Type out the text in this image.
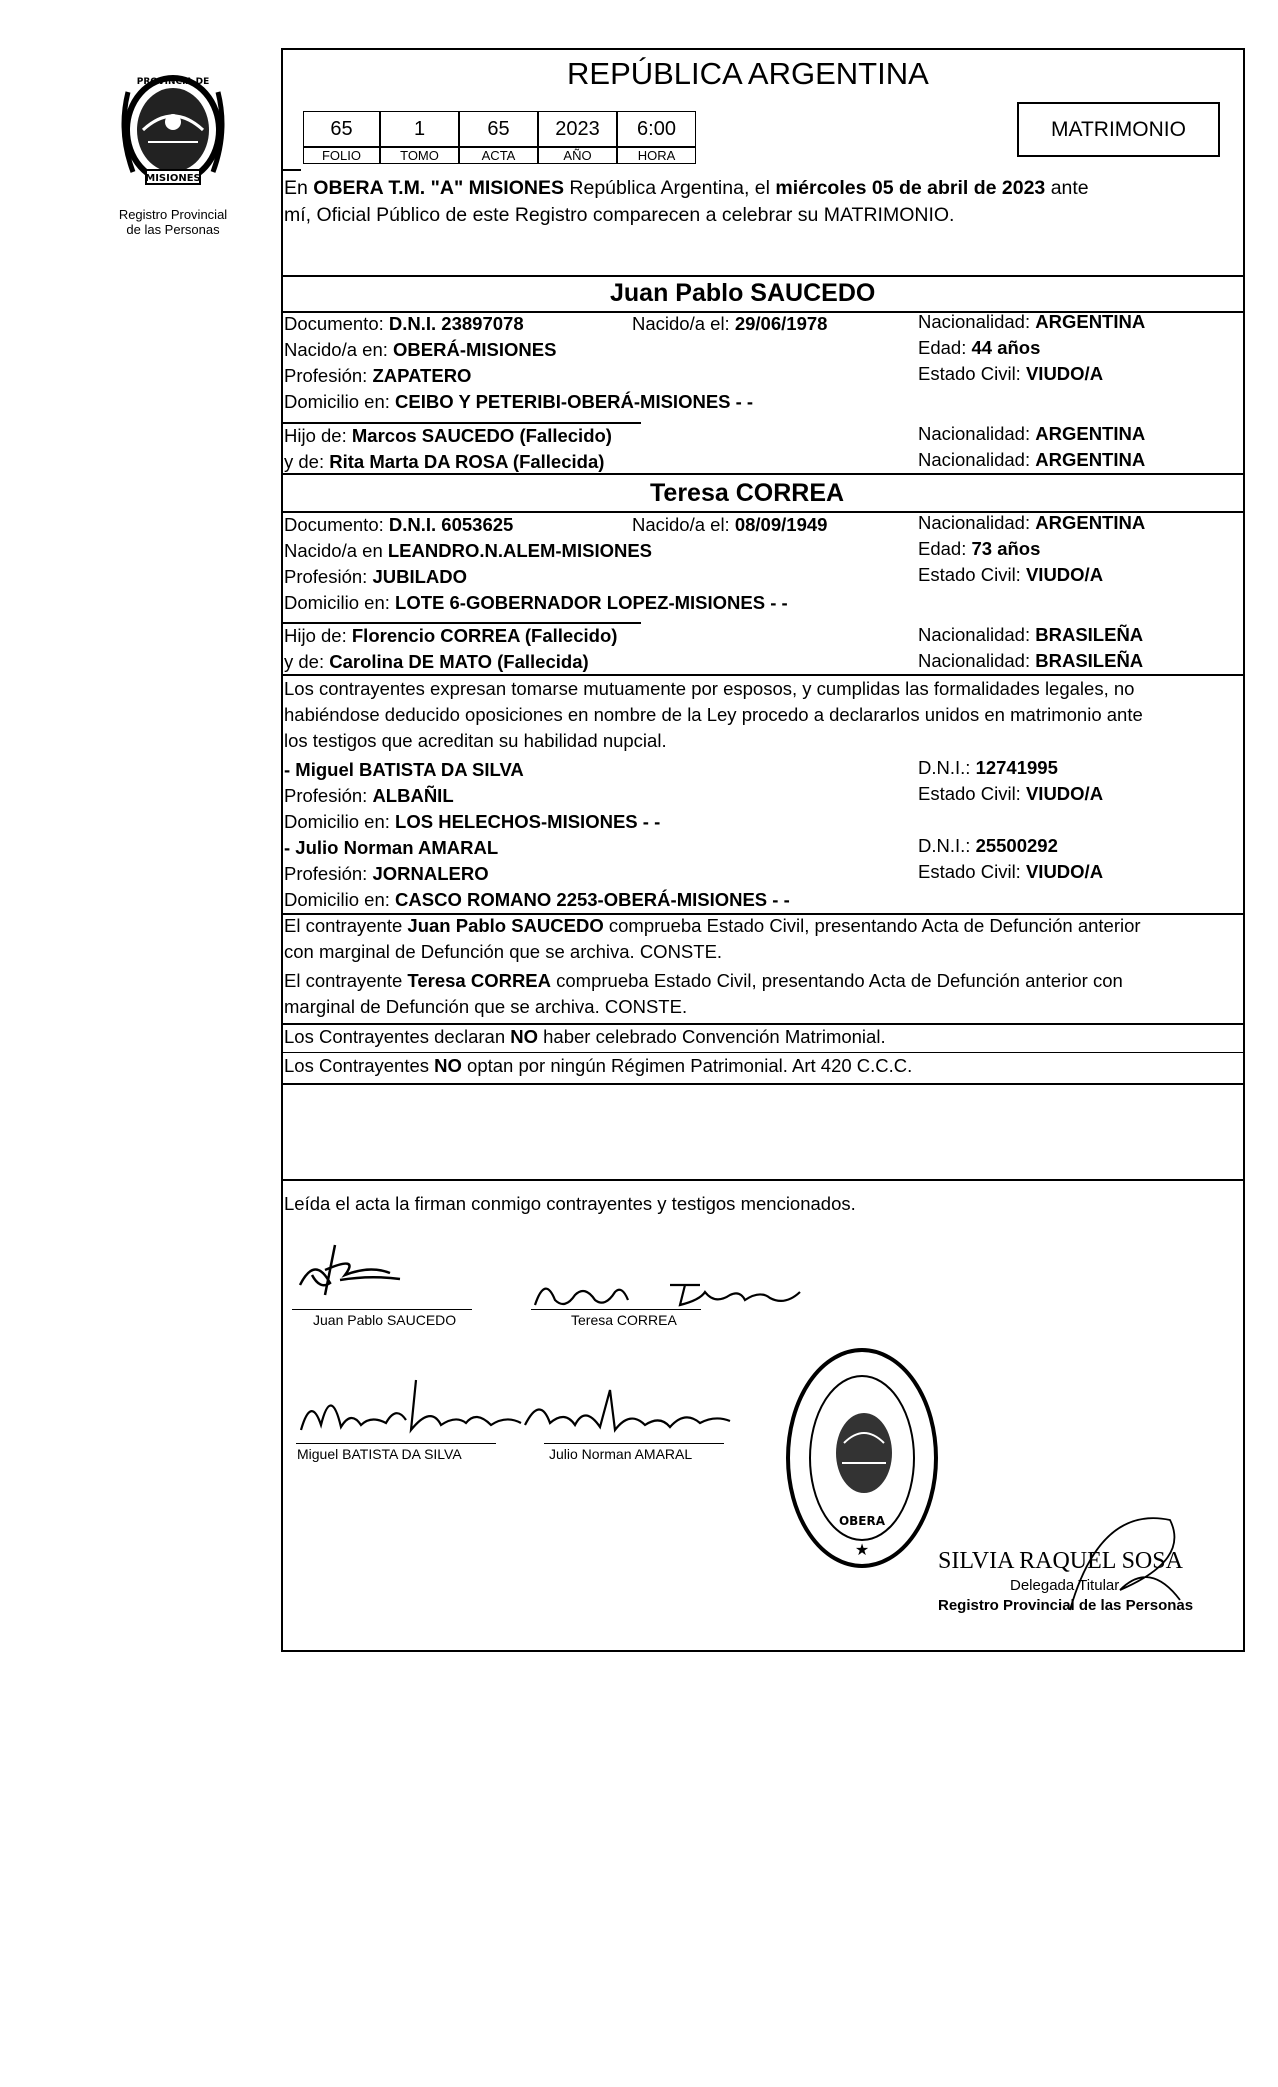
MISIONES
PROVINCIA DE
Registro Provincial
de las Personas
REPÚBLICA ARGENTINA
65	1	65	2023	6:00
FOLIO	TOMO	ACTA	AÑO	HORA
MATRIMONIO
En OBERA T.M. "A" MISIONES República Argentina, el miércoles 05 de abril de 2023 ante
mí, Oficial Público de este Registro comparecen a celebrar su MATRIMONIO.
Juan Pablo SAUCEDO
Documento: D.N.I. 23897078	Nacido/a el: 29/06/1978	Nacionalidad: ARGENTINA
Nacido/a en: OBERÁ-MISIONES	Edad: 44 años
Profesión: ZAPATERO	Estado Civil: VIUDO/A
Domicilio en: CEIBO Y PETERIBI-OBERÁ-MISIONES - -
Hijo de: Marcos SAUCEDO (Fallecido)	Nacionalidad: ARGENTINA
y de: Rita Marta DA ROSA (Fallecida)	Nacionalidad: ARGENTINA
Teresa CORREA
Documento: D.N.I. 6053625	Nacido/a el: 08/09/1949	Nacionalidad: ARGENTINA
Nacido/a en LEANDRO.N.ALEM-MISIONES	Edad: 73 años
Profesión: JUBILADO	Estado Civil: VIUDO/A
Domicilio en: LOTE 6-GOBERNADOR LOPEZ-MISIONES - -
Hijo de: Florencio CORREA (Fallecido)	Nacionalidad: BRASILEÑA
y de: Carolina DE MATO (Fallecida)	Nacionalidad: BRASILEÑA
Los contrayentes expresan tomarse mutuamente por esposos, y cumplidas las formalidades legales, no
habiéndose deducido oposiciones en nombre de la Ley procedo a declararlos unidos en matrimonio ante
los testigos que acreditan su habilidad nupcial.
- Miguel BATISTA DA SILVA	D.N.I.: 12741995
Profesión: ALBAÑIL	Estado Civil: VIUDO/A
Domicilio en: LOS HELECHOS-MISIONES - -
- Julio Norman AMARAL	D.N.I.: 25500292
Profesión: JORNALERO	Estado Civil: VIUDO/A
Domicilio en: CASCO ROMANO 2253-OBERÁ-MISIONES - -
El contrayente Juan Pablo SAUCEDO comprueba Estado Civil, presentando Acta de Defunción anterior
con marginal de Defunción que se archiva. CONSTE.
El contrayente Teresa CORREA comprueba Estado Civil, presentando Acta de Defunción anterior con
marginal de Defunción que se archiva. CONSTE.
Los Contrayentes declaran NO haber celebrado Convención Matrimonial.
Los Contrayentes NO optan por ningún Régimen Patrimonial. Art 420 C.C.C.
Leída el acta la firman conmigo contrayentes y testigos mencionados.
Juan Pablo SAUCEDO	Teresa CORREA
Miguel BATISTA DA SILVA	Julio Norman AMARAL
OBERA
★	SILVIA RAQUEL SOSA
Delegada Titular
Registro Provincial de las Personas
